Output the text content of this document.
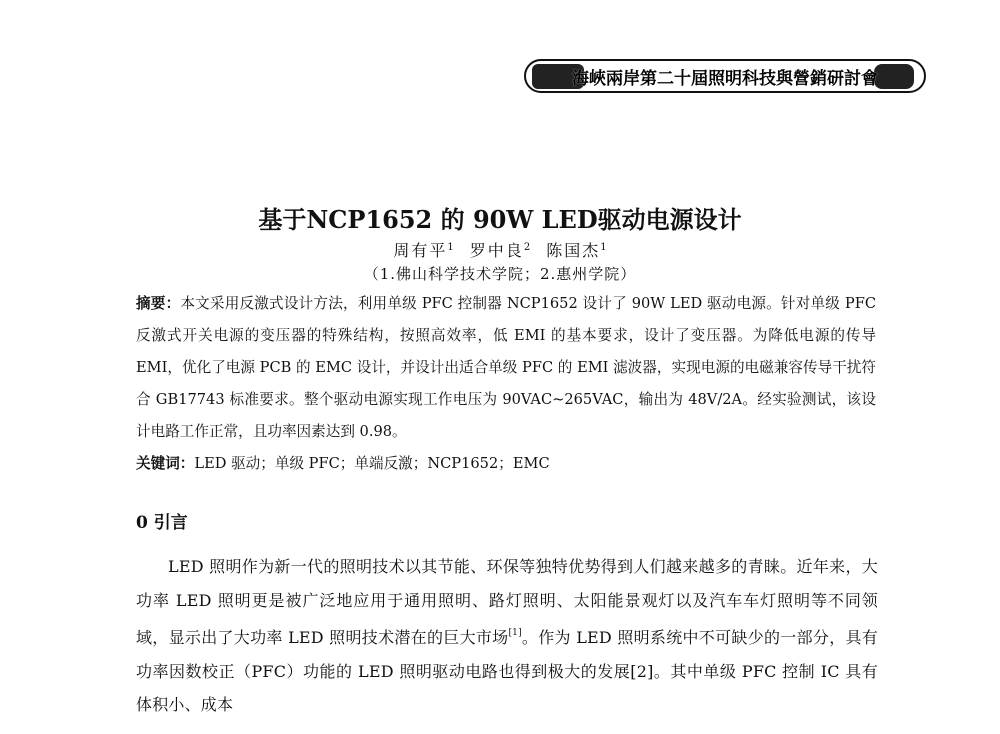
海峽兩岸第二十屆照明科技與營銷研討會
基于NCP1652 的 90W LED驱动电源设计
周有平$^1$ 罗中良$^2$ 陈国杰$^1$
（1.佛山科学技术学院；2.惠州学院）
摘要：本文采用反激式设计方法，利用单级 PFC 控制器 NCP1652 设计了 90W LED 驱动电源。针对单级 PFC 反激式开关电源的变压器的特殊结构，按照高效率，低 EMI 的基本要求，设计了变压器。为降低电源的传导 EMI，优化了电源 PCB 的 EMC 设计，并设计出适合单级 PFC 的 EMI 滤波器，实现电源的电磁兼容传导干扰符合 GB17743 标准要求。整个驱动电源实现工作电压为 90VAC~265VAC，输出为 48V/2A。经实验测试，该设计电路工作正常，且功率因素达到 0.98。
关键词：LED 驱动；单级 PFC；单端反激；NCP1652；EMC
0 引言

LED 照明作为新一代的照明技术以其节能、环保等独特优势得到人们越来越多的青睐。近年来，大功率 LED 照明更是被广泛地应用于通用照明、路灯照明、太阳能景观灯以及汽车车灯照明等不同领域，显示出了大功率 LED 照明技术潜在的巨大市场[1]。作为 LED 照明系统中不可缺少的一部分，具有功率因数校正（PFC）功能的 LED 照明驱动电路也得到极大的发展[2]。其中单级 PFC 控制 IC 具有体积小、成本
